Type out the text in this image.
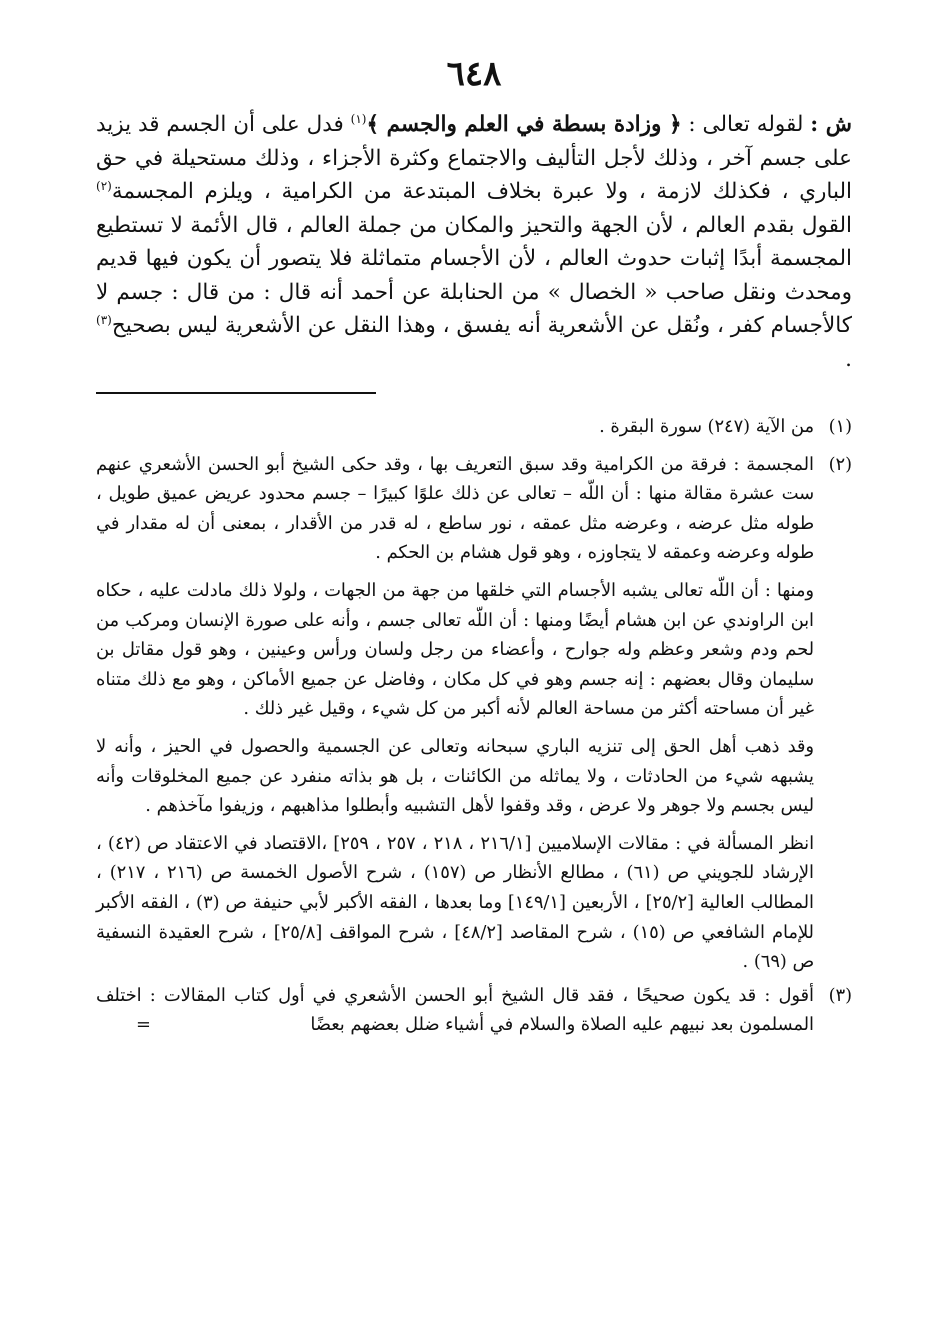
٦٤٨
ش : لقوله تعالى : ﴿ وزادة بسطة في العلم والجسم ﴾$^{(١)}$ فدل على أن الجسم قد يزيد على جسم آخر ، وذلك لأجل التأليف والاجتماع وكثرة الأجزاء ، وذلك مستحيلة في حق الباري ، فكذلك لازمة ، ولا عبرة بخلاف المبتدعة من الكرامية ، ويلزم المجسمة$^{(٢)}$ القول بقدم العالم ، لأن الجهة والتحيز والمكان من جملة العالم ، قال الأئمة لا تستطيع المجسمة أبدًا إثبات حدوث العالم ، لأن الأجسام متماثلة فلا يتصور أن يكون فيها قديم ومحدث ونقل صاحب « الخصال » من الحنابلة عن أحمد أنه قال : من قال : جسم لا كالأجسام كفر ، ونُقل عن الأشعرية أنه يفسق ، وهذا النقل عن الأشعرية ليس بصحيح$^{(٣)}$ .
(١)
من الآية (٢٤٧) سورة البقرة .
(٢)

المجسمة : فرقة من الكرامية وقد سبق التعريف بها ، وقد حكى الشيخ أبو الحسن الأشعري عنهم ست عشرة مقالة منها : أن اللّه – تعالى عن ذلك علوًا كبيرًا – جسم محدود عريض عميق طويل ، طوله مثل عرضه ، وعرضه مثل عمقه ، نور ساطع ، له قدر من الأقدار ، بمعنى أن له مقدار في طوله وعرضه وعمقه لا يتجاوزه ، وهو قول هشام بن الحكم .

ومنها : أن اللّه تعالى يشبه الأجسام التي خلقها من جهة من الجهات ، ولولا ذلك مادلت عليه ، حكاه ابن الراوندي عن ابن هشام أيضًا ومنها : أن اللّه تعالى جسم ، وأنه على صورة الإنسان ومركب من لحم ودم وشعر وعظم وله جوارح ، وأعضاء من رجل ولسان ورأس وعينين ، وهو قول مقاتل بن سليمان وقال بعضهم : إنه جسم وهو في كل مكان ، وفاضل عن جميع الأماكن ، وهو مع ذلك متناه غير أن مساحته أكثر من مساحة العالم لأنه أكبر من كل شيء ، وقيل غير ذلك .

وقد ذهب أهل الحق إلى تنزيه الباري سبحانه وتعالى عن الجسمية والحصول في الحيز ، وأنه لا يشبهه شيء من الحادثات ، ولا يماثله من الكائنات ، بل هو بذاته منفرد عن جميع المخلوقات وأنه ليس بجسم ولا جوهر ولا عرض ، وقد وقفوا لأهل التشبيه وأبطلوا مذاهبهم ، وزيفوا مآخذهم .

انظر المسألة في : مقالات الإسلاميين [٢١٦/١ ، ٢١٨ ، ٢٥٧ ، ٢٥٩] ،الاقتصاد في الاعتقاد ص (٤٢) ، الإرشاد للجويني ص (٦١) ، مطالع الأنظار ص (١٥٧) ، شرح الأصول الخمسة ص (٢١٦ ، ٢١٧) ، المطالب العالية [٢٥/٢] ، الأربعين [١٤٩/١] وما بعدها ، الفقه الأكبر لأبي حنيفة ص (٣) ، الفقه الأكبر للإمام الشافعي ص (١٥) ، شرح المقاصد [٤٨/٢] ، شرح المواقف [٢٥/٨] ، شرح العقيدة النسفية ص (٦٩) .

(٣)
أقول : قد يكون صحيحًا ، فقد قال الشيخ أبو الحسن الأشعري في أول كتاب المقالات : اختلف المسلمون بعد نبيهم عليه الصلاة والسلام في أشياء ضلل بعضهم بعضًا
=
